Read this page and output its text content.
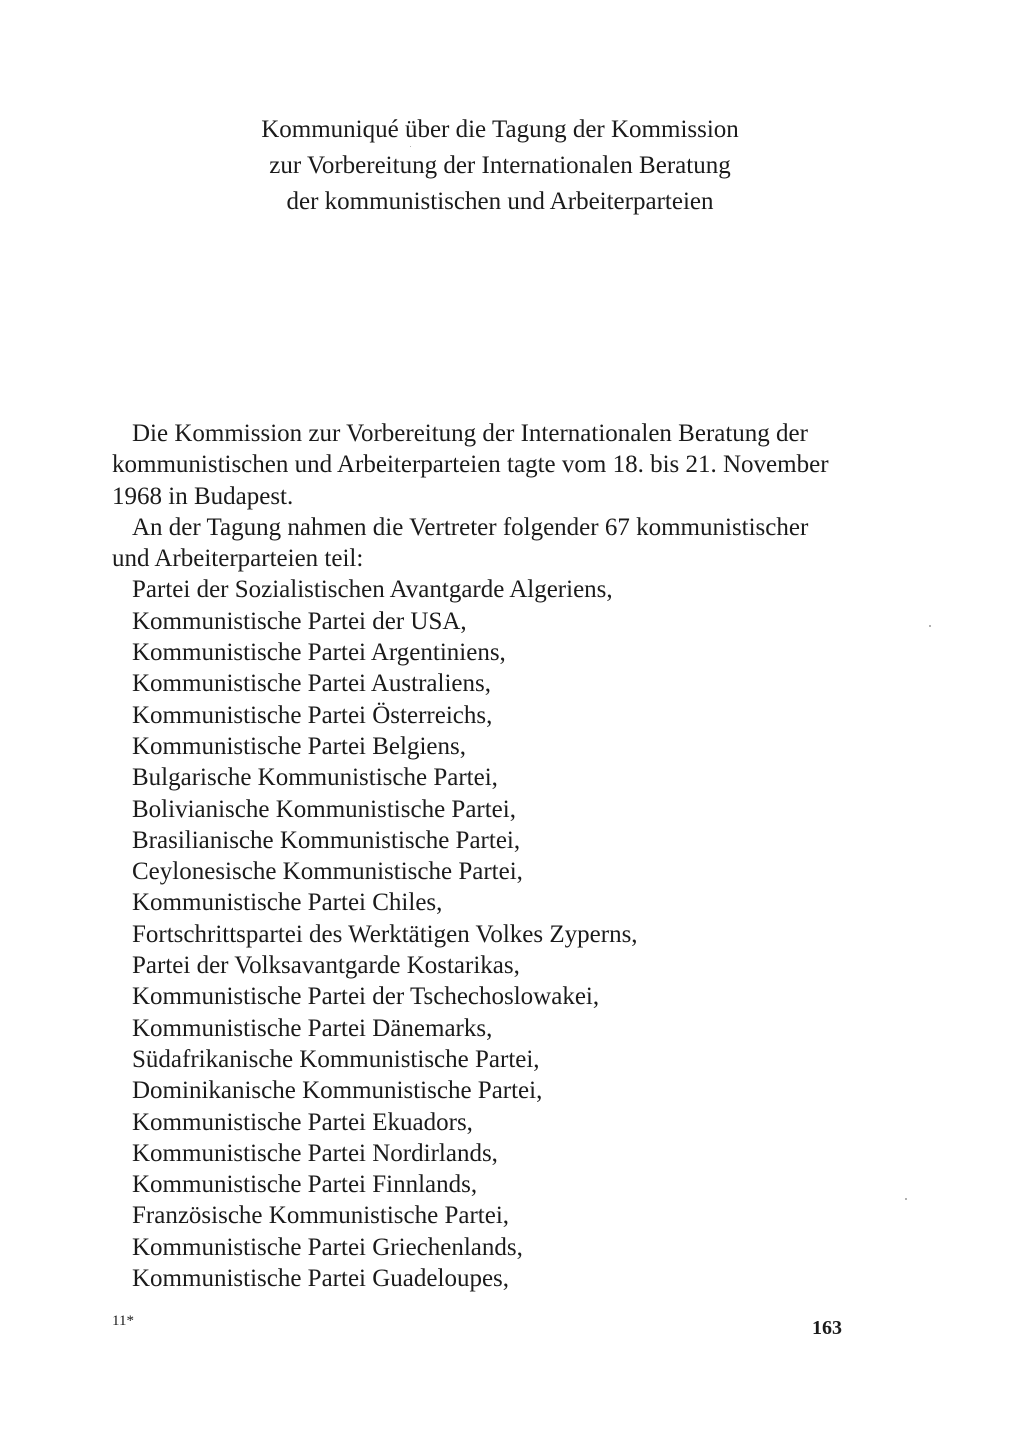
Kommuniqué über die Tagung der Kommission
zur Vorbereitung der Internationalen Beratung
der kommunistischen und Arbeiterparteien
Die Kommission zur Vorbereitung der Internationalen Beratung der
kommunistischen und Arbeiterparteien tagte vom 18. bis 21. November
1968 in Budapest.
An der Tagung nahmen die Vertreter folgender 67 kommunistischer
und Arbeiterparteien teil:
Partei der Sozialistischen Avantgarde Algeriens,
Kommunistische Partei der USA,
Kommunistische Partei Argentiniens,
Kommunistische Partei Australiens,
Kommunistische Partei Österreichs,
Kommunistische Partei Belgiens,
Bulgarische Kommunistische Partei,
Bolivianische Kommunistische Partei,
Brasilianische Kommunistische Partei,
Ceylonesische Kommunistische Partei,
Kommunistische Partei Chiles,
Fortschrittspartei des Werktätigen Volkes Zyperns,
Partei der Volksavantgarde Kostarikas,
Kommunistische Partei der Tschechoslowakei,
Kommunistische Partei Dänemarks,
Südafrikanische Kommunistische Partei,
Dominikanische Kommunistische Partei,
Kommunistische Partei Ekuadors,
Kommunistische Partei Nordirlands,
Kommunistische Partei Finnlands,
Französische Kommunistische Partei,
Kommunistische Partei Griechenlands,
Kommunistische Partei Guadeloupes,
11*	163
